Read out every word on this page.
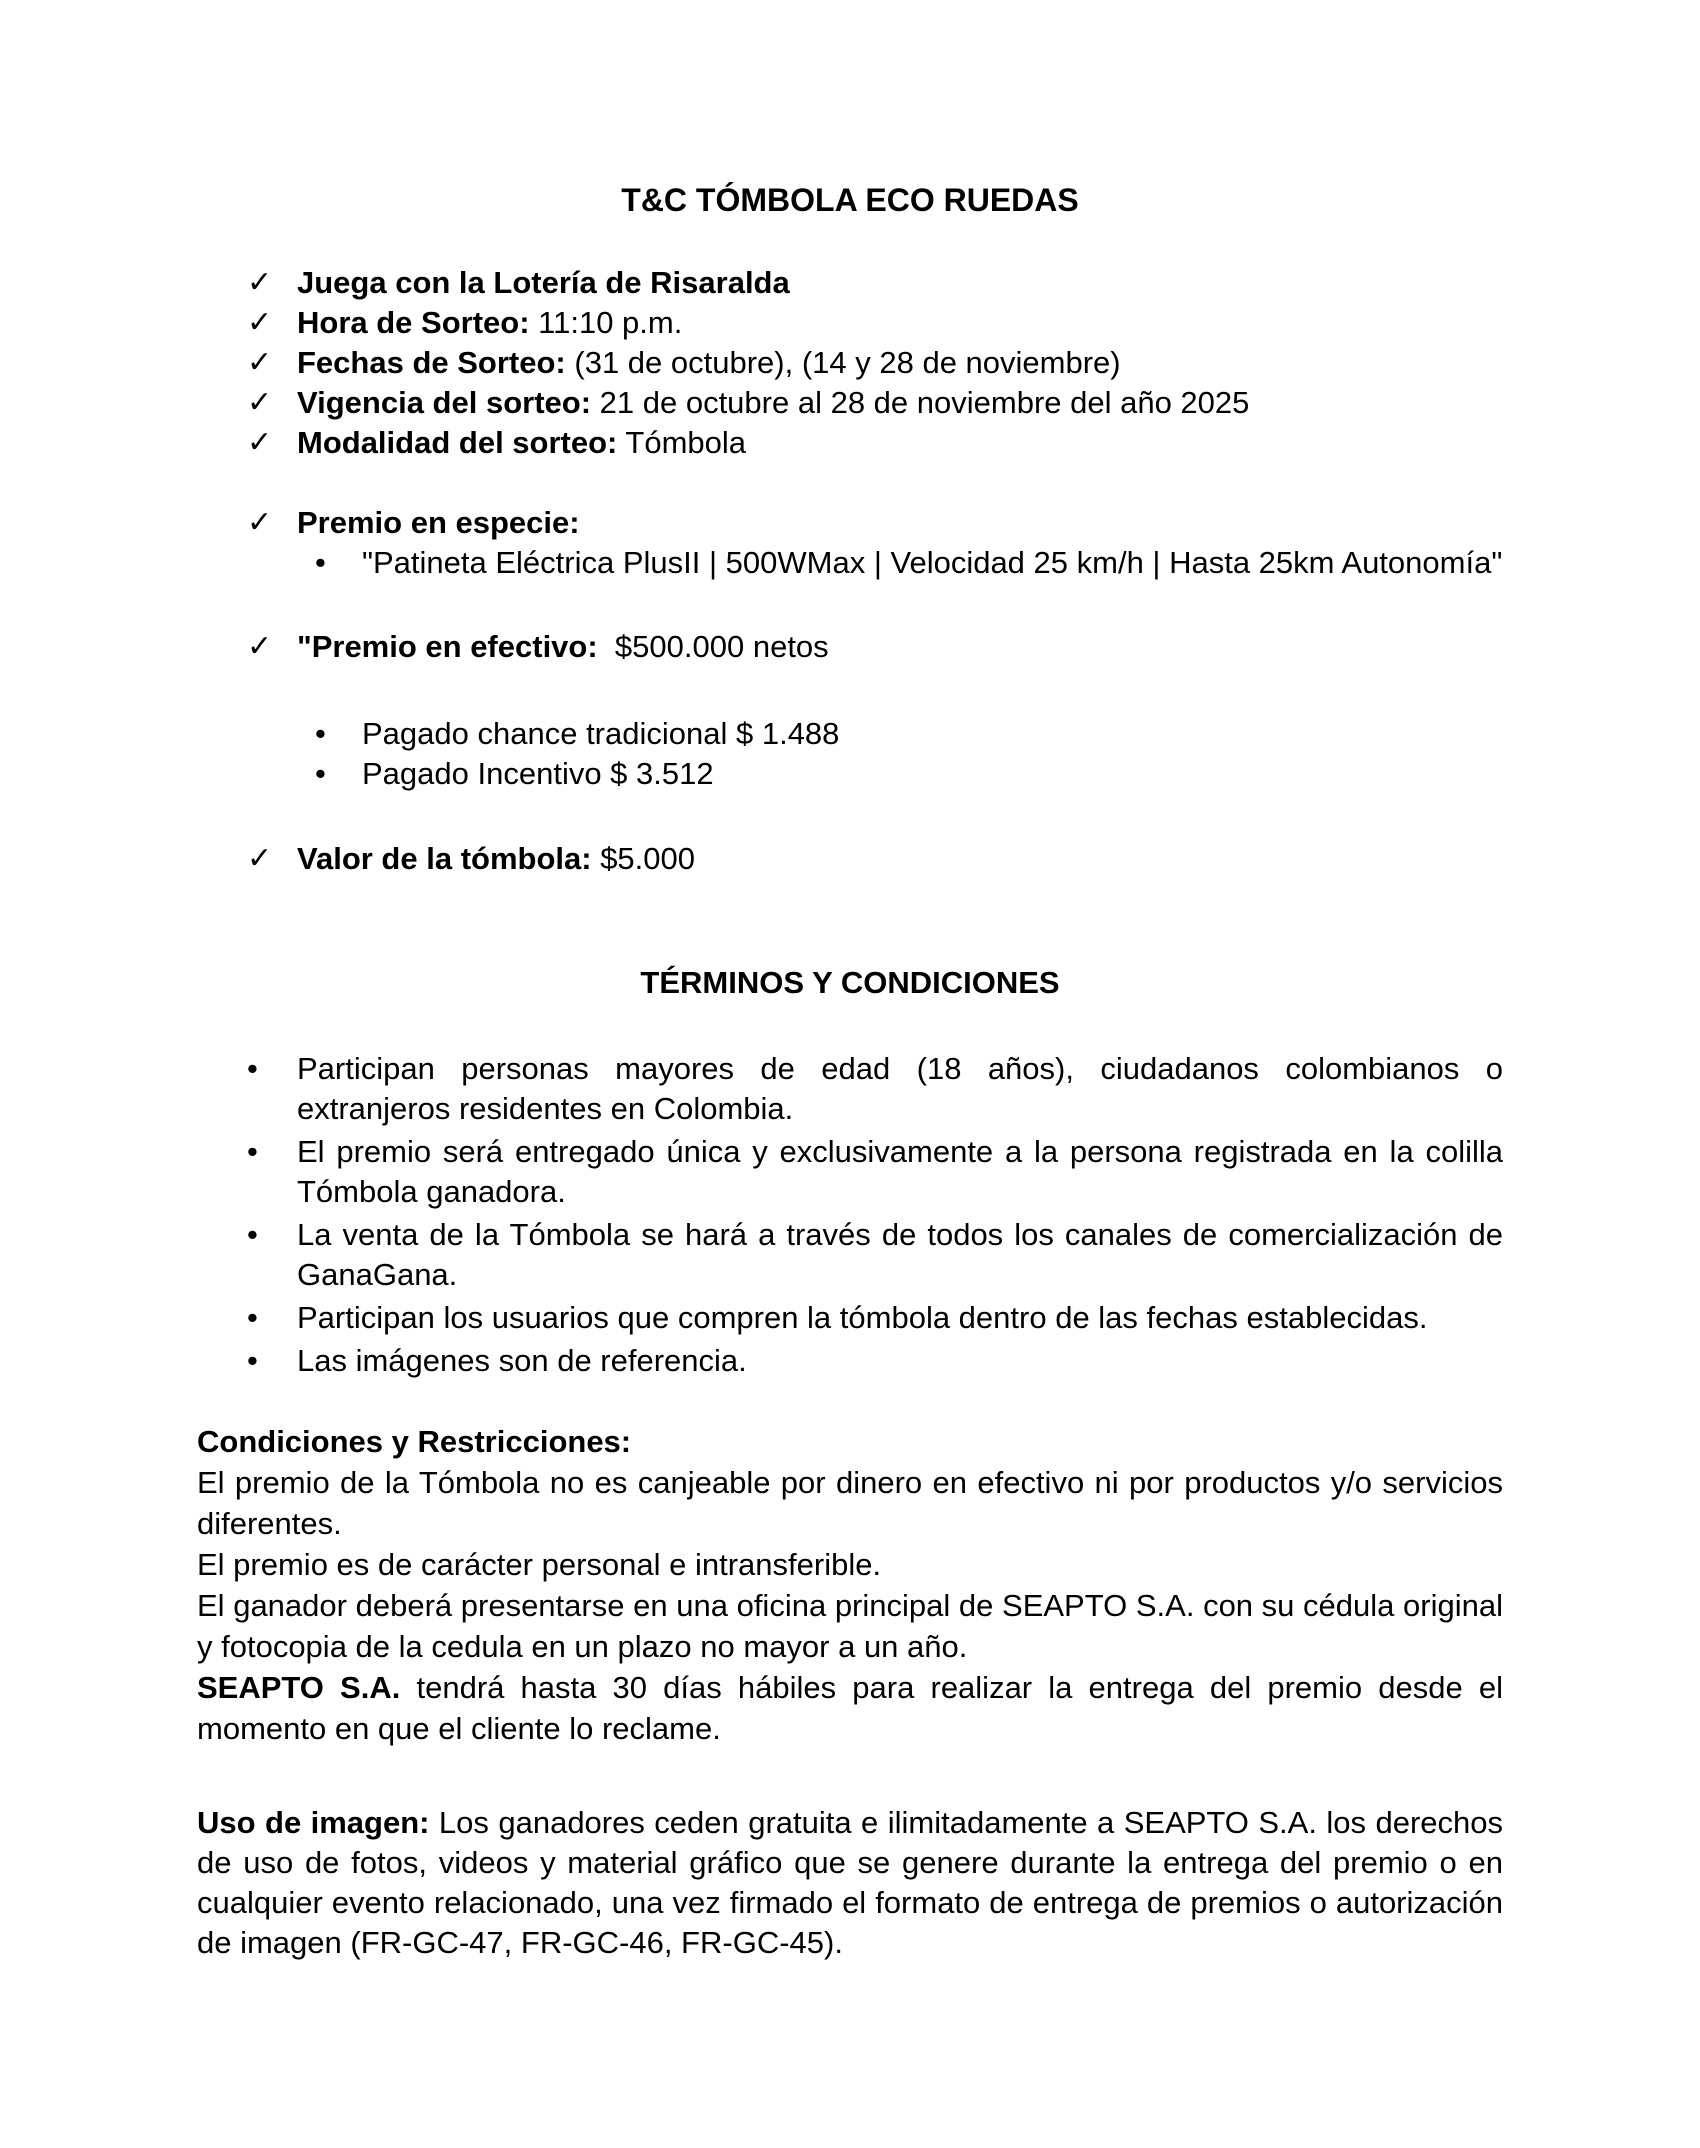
T&C TÓMBOLA ECO RUEDAS
✓ Juega con la Lotería de Risaralda
✓ Hora de Sorteo: 11:10 p.m.
✓ Fechas de Sorteo: (31 de octubre), (14 y 28 de noviembre)
✓ Vigencia del sorteo: 21 de octubre al 28 de noviembre del año 2025
✓ Modalidad del sorteo: Tómbola
✓ Premio en especie:
• "Patineta Eléctrica PlusII | 500WMax | Velocidad 25 km/h | Hasta 25km Autonomía"
✓ "Premio en efectivo:  $500.000 netos
• Pagado chance tradicional $ 1.488
• Pagado Incentivo $ 3.512
✓ Valor de la tómbola: $5.000
TÉRMINOS Y CONDICIONES
• Participan personas mayores de edad (18 años), ciudadanos colombianos o extranjeros residentes en Colombia.
• El premio será entregado única y exclusivamente a la persona registrada en la colilla Tómbola ganadora.
• La venta de la Tómbola se hará a través de todos los canales de comercialización de GanaGana.
• Participan los usuarios que compren la tómbola dentro de las fechas establecidas.
• Las imágenes son de referencia.

Condiciones y Restricciones:

El premio de la Tómbola no es canjeable por dinero en efectivo ni por productos y/o servicios diferentes.

El premio es de carácter personal e intransferible.

El ganador deberá presentarse en una oficina principal de SEAPTO S.A. con su cédula original y fotocopia de la cedula en un plazo no mayor a un año.

SEAPTO S.A. tendrá hasta 30 días hábiles para realizar la entrega del premio desde el momento en que el cliente lo reclame.

Uso de imagen: Los ganadores ceden gratuita e ilimitadamente a SEAPTO S.A. los derechos de uso de fotos, videos y material gráfico que se genere durante la entrega del premio o en cualquier evento relacionado, una vez firmado el formato de entrega de premios o autorización de imagen (FR-GC-47, FR-GC-46, FR-GC-45).
